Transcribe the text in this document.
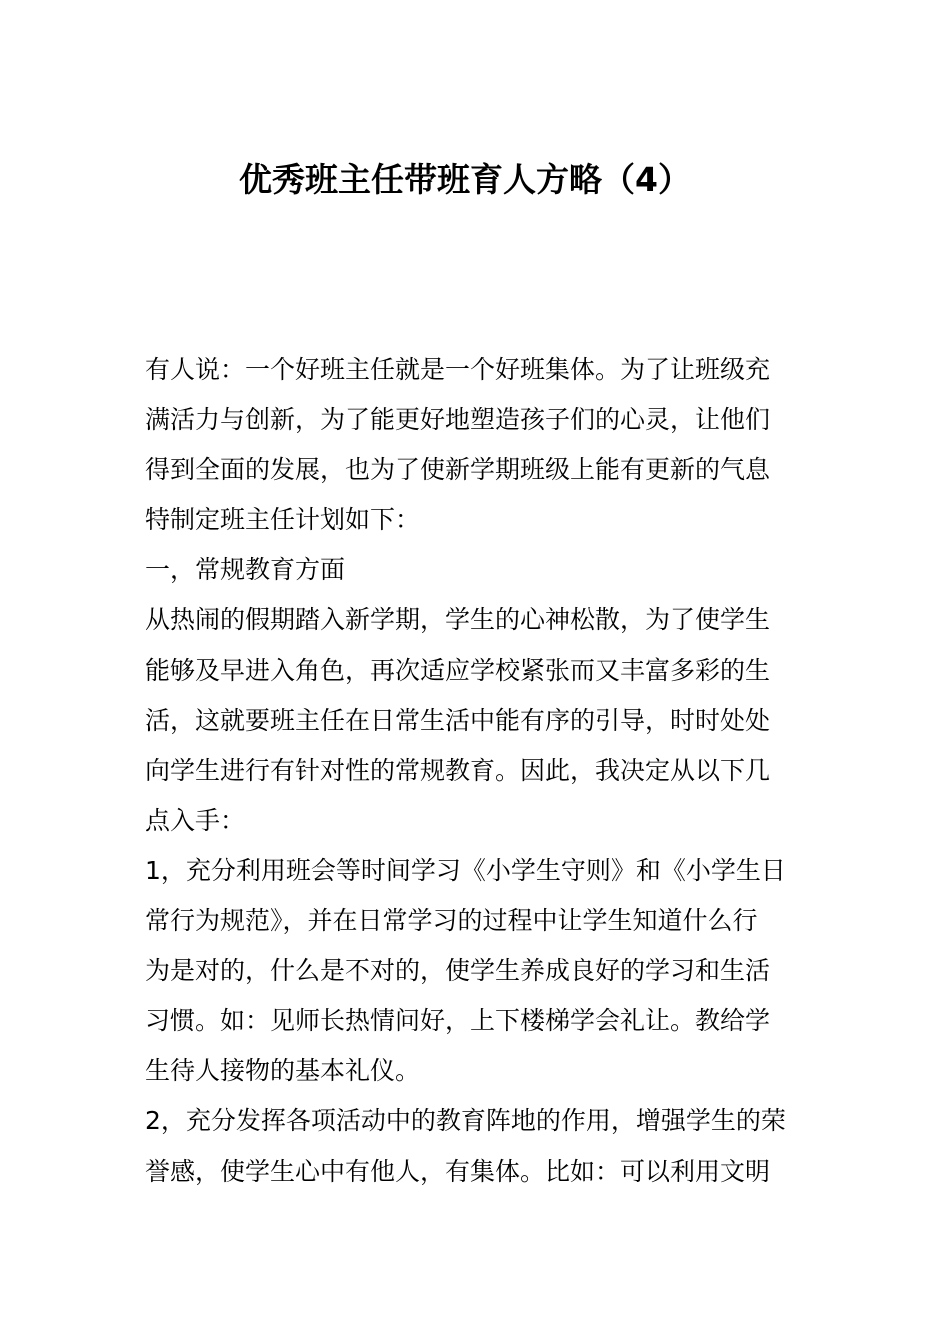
优秀班主任带班育人方略（4）
有人说：一个好班主任就是一个好班集体。为了让班级充
满活力与创新，为了能更好地塑造孩子们的心灵，让他们
得到全面的发展，也为了使新学期班级上能有更新的气息
特制定班主任计划如下：
一，常规教育方面
从热闹的假期踏入新学期，学生的心神松散，为了使学生
能够及早进入角色，再次适应学校紧张而又丰富多彩的生
活，这就要班主任在日常生活中能有序的引导，时时处处
向学生进行有针对性的常规教育。因此，我决定从以下几
点入手：
1，充分利用班会等时间学习《小学生守则》和《小学生日
常行为规范》，并在日常学习的过程中让学生知道什么行
为是对的，什么是不对的，使学生养成良好的学习和生活
习惯。如：见师长热情问好，上下楼梯学会礼让。教给学
生待人接物的基本礼仪。
2，充分发挥各项活动中的教育阵地的作用，增强学生的荣
誉感，使学生心中有他人，有集体。比如：可以利用文明
